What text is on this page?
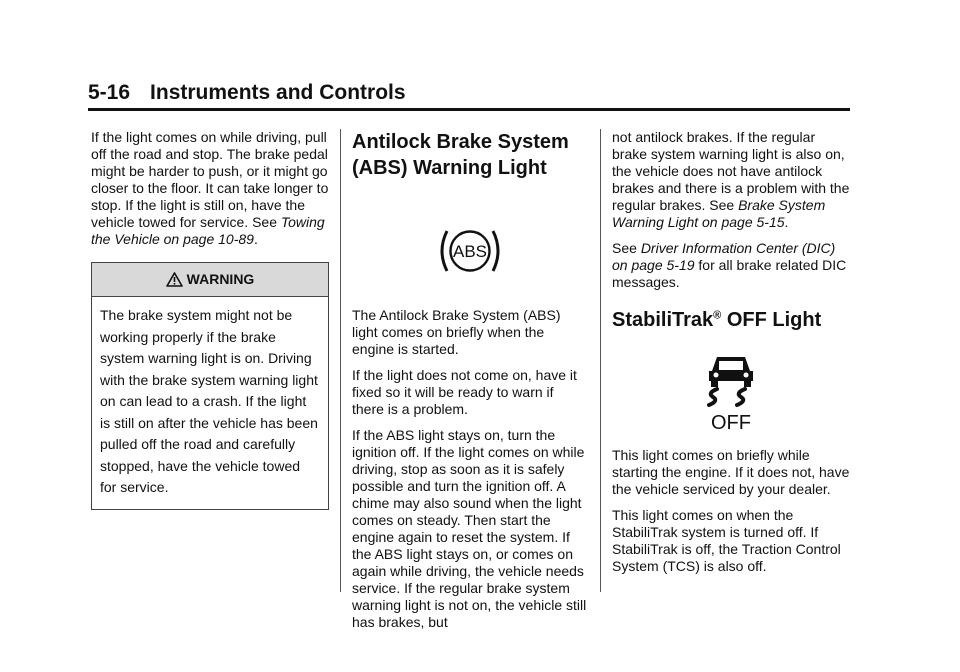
5-16 Instruments and Controls

If the light comes on while driving, pull off the road and stop. The brake pedal might be harder to push, or it might go closer to the floor. It can take longer to stop. If the light is still on, have the vehicle towed for service. See Towing the Vehicle on page 10-89.

WARNING
The brake system might not be working properly if the brake system warning light is on. Driving with the brake system warning light on can lead to a crash. If the light is still on after the vehicle has been pulled off the road and carefully stopped, have the vehicle towed for service.
Antilock Brake System (ABS) Warning Light
ABS

The Antilock Brake System (ABS) light comes on briefly when the engine is started.

If the light does not come on, have it fixed so it will be ready to warn if there is a problem.

If the ABS light stays on, turn the ignition off. If the light comes on while driving, stop as soon as it is safely possible and turn the ignition off. A chime may also sound when the light comes on steady. Then start the engine again to reset the system. If the ABS light stays on, or comes on again while driving, the vehicle needs service. If the regular brake system warning light is not on, the vehicle still has brakes, but

not antilock brakes. If the regular brake system warning light is also on, the vehicle does not have antilock brakes and there is a problem with the regular brakes. See Brake System Warning Light on page 5-15.

See Driver Information Center (DIC) on page 5-19 for all brake related DIC messages.

StabiliTrak® OFF Light
OFF

This light comes on briefly while starting the engine. If it does not, have the vehicle serviced by your dealer.

This light comes on when the StabiliTrak system is turned off. If StabiliTrak is off, the Traction Control System (TCS) is also off.
